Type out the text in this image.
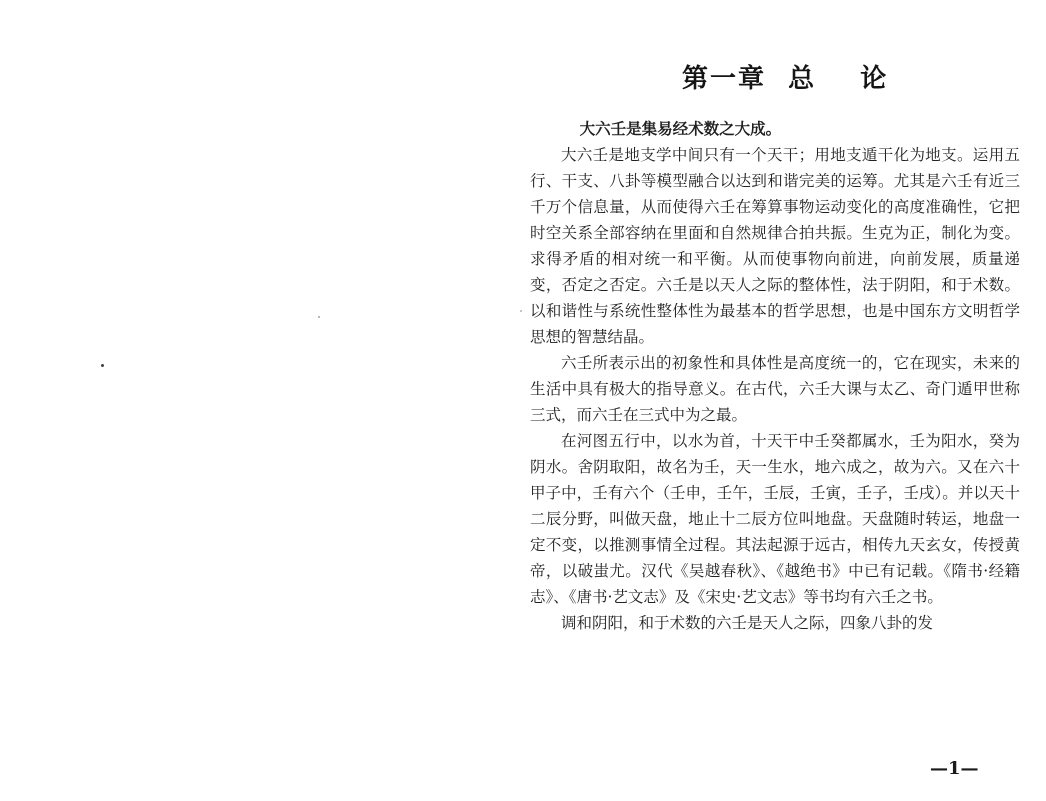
第一章  总    论

大六壬是集易经术数之大成。

大六壬是地支学中间只有一个天干；用地支遁干化为地支。运用五行、干支、八卦等模型融合以达到和谐完美的运筹。尤其是六壬有近三千万个信息量，从而使得六壬在筹算事物运动变化的高度准确性，它把时空关系全部容纳在里面和自然规律合拍共振。生克为正，制化为变。求得矛盾的相对统一和平衡。从而使事物向前进，向前发展，质量递变，否定之否定。六壬是以天人之际的整体性，法于阴阳，和于术数。以和谐性与系统性整体性为最基本的哲学思想，也是中国东方文明哲学思想的智慧结晶。

六壬所表示出的初象性和具体性是高度统一的，它在现实，未来的生活中具有极大的指导意义。在古代，六壬大课与太乙、奇门遁甲世称三式，而六壬在三式中为之最。

在河图五行中，以水为首，十天干中壬癸都属水，壬为阳水，癸为阴水。舍阴取阳，故名为壬，天一生水，地六成之，故为六。又在六十甲子中，壬有六个（壬申，壬午，壬辰，壬寅，壬子，壬戌）。并以天十二辰分野，叫做天盘，地止十二辰方位叫地盘。天盘随时转运，地盘一定不变，以推测事情全过程。其法起源于远古，相传九天玄女，传授黄帝，以破蚩尤。汉代《吴越春秋》、《越绝书》中已有记载。《隋书·经籍志》、《唐书·艺文志》及《宋史·艺文志》等书均有六壬之书。

调和阴阳，和于术数的六壬是天人之际，四象八卦的发

—1—
